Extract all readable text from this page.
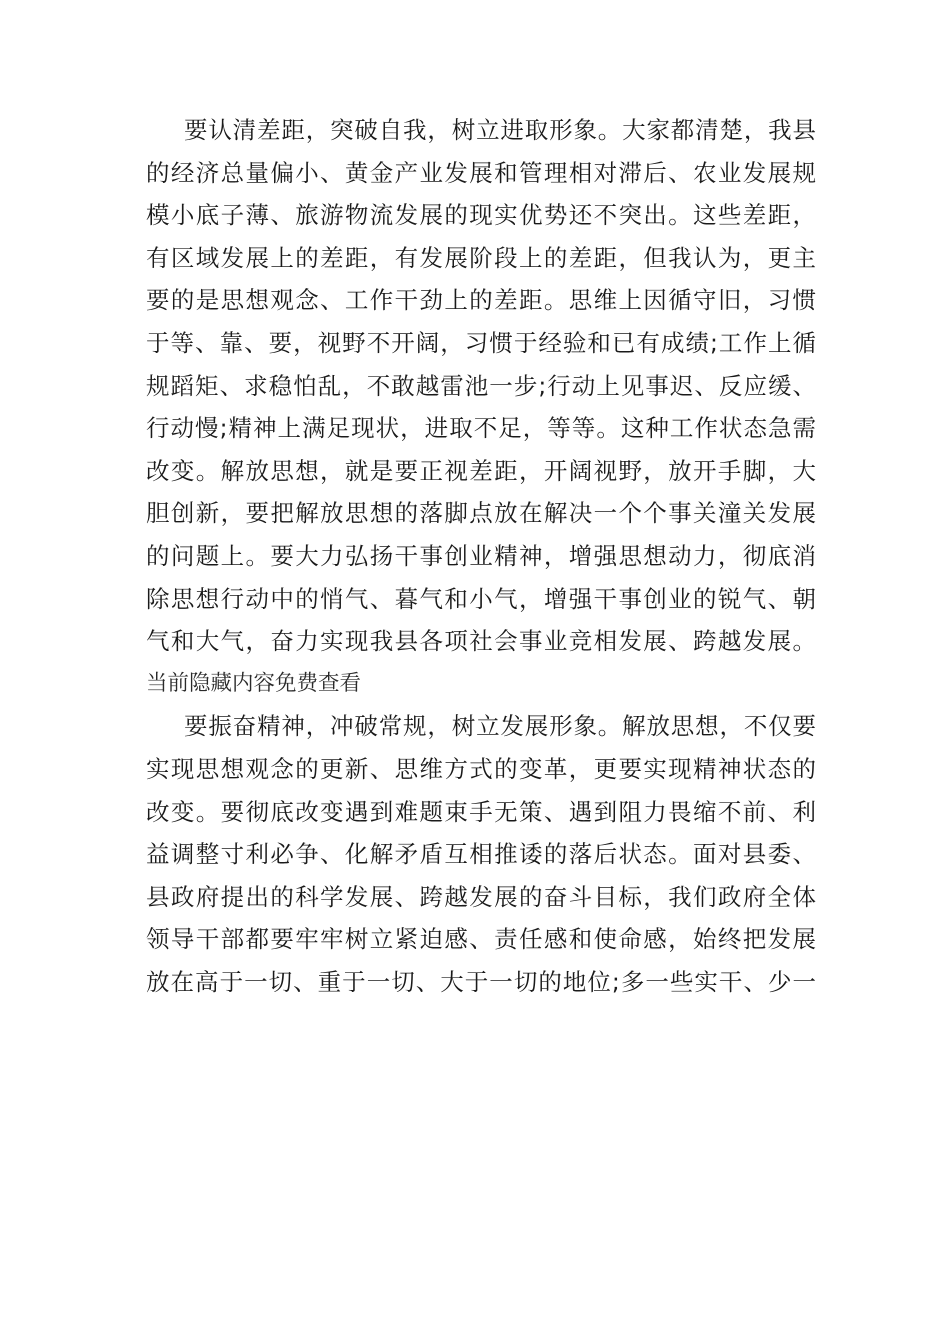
要认清差距，突破自我，树立进取形象。大家都清楚，我县
的经济总量偏小、黄金产业发展和管理相对滞后、农业发展规
模小底子薄、旅游物流发展的现实优势还不突出。这些差距，
有区域发展上的差距，有发展阶段上的差距，但我认为，更主
要的是思想观念、工作干劲上的差距。思维上因循守旧，习惯
于等、靠、要，视野不开阔，习惯于经验和已有成绩;工作上循
规蹈矩、求稳怕乱，不敢越雷池一步;行动上见事迟、反应缓、
行动慢;精神上满足现状，进取不足，等等。这种工作状态急需
改变。解放思想，就是要正视差距，开阔视野，放开手脚，大
胆创新，要把解放思想的落脚点放在解决一个个事关潼关发展
的问题上。要大力弘扬干事创业精神，增强思想动力，彻底消
除思想行动中的悄气、暮气和小气，增强干事创业的锐气、朝
气和大气，奋力实现我县各项社会事业竞相发展、跨越发展。
当前隐藏内容免费查看
要振奋精神，冲破常规，树立发展形象。解放思想，不仅要
实现思想观念的更新、思维方式的变革，更要实现精神状态的
改变。要彻底改变遇到难题束手无策、遇到阻力畏缩不前、利
益调整寸利必争、化解矛盾互相推诿的落后状态。面对县委、
县政府提出的科学发展、跨越发展的奋斗目标，我们政府全体
领导干部都要牢牢树立紧迫感、责任感和使命感，始终把发展
放在高于一切、重于一切、大于一切的地位;多一些实干、少一
